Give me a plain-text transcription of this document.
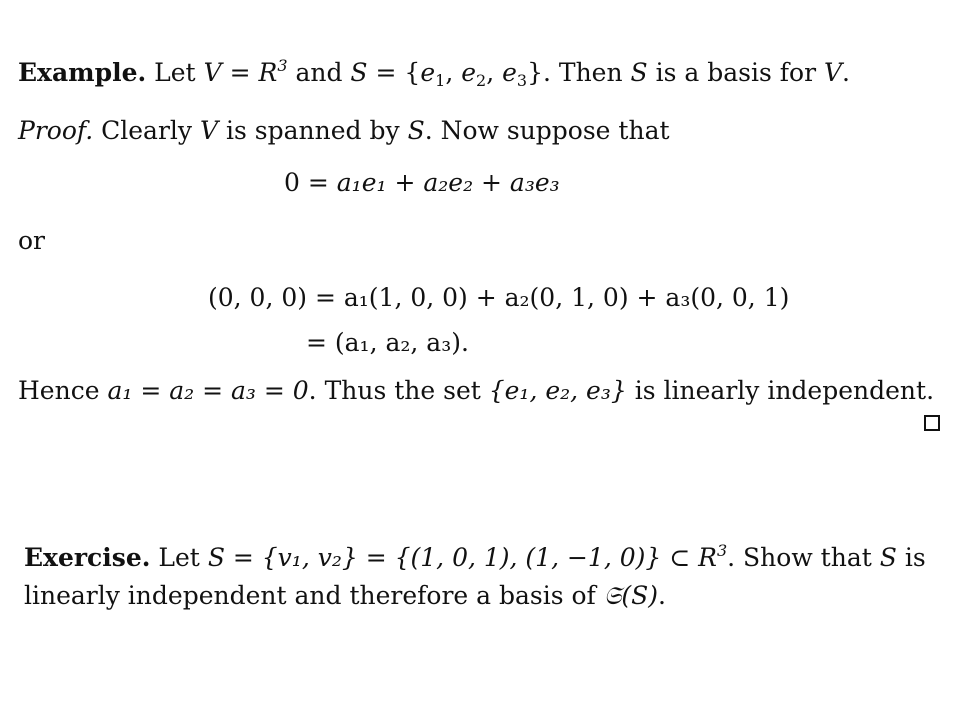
Example. Let $V = R^3$ and $S = \{e_1$, $e_2$, $e_3$}. Then S is a basis for V.
Proof. Clearly V is spanned by S. Now suppose that
0 = a₁e₁ + a₂e₂ + a₃e₃
or
(0, 0, 0) = a₁(1, 0, 0) + a₂(0, 1, 0) + a₃(0, 0, 1)
= (a₁, a₂, a₃).
Hence a₁ = a₂ = a₃ = 0. Thus the set {e₁, e₂, e₃} is linearly independent.
Exercise. Let S = {v₁, v₂} = {(1, 0, 1), (1, −1, 0)} ⊂ $R^3$. Show that S is
linearly independent and therefore a basis of 𝔖(S).
